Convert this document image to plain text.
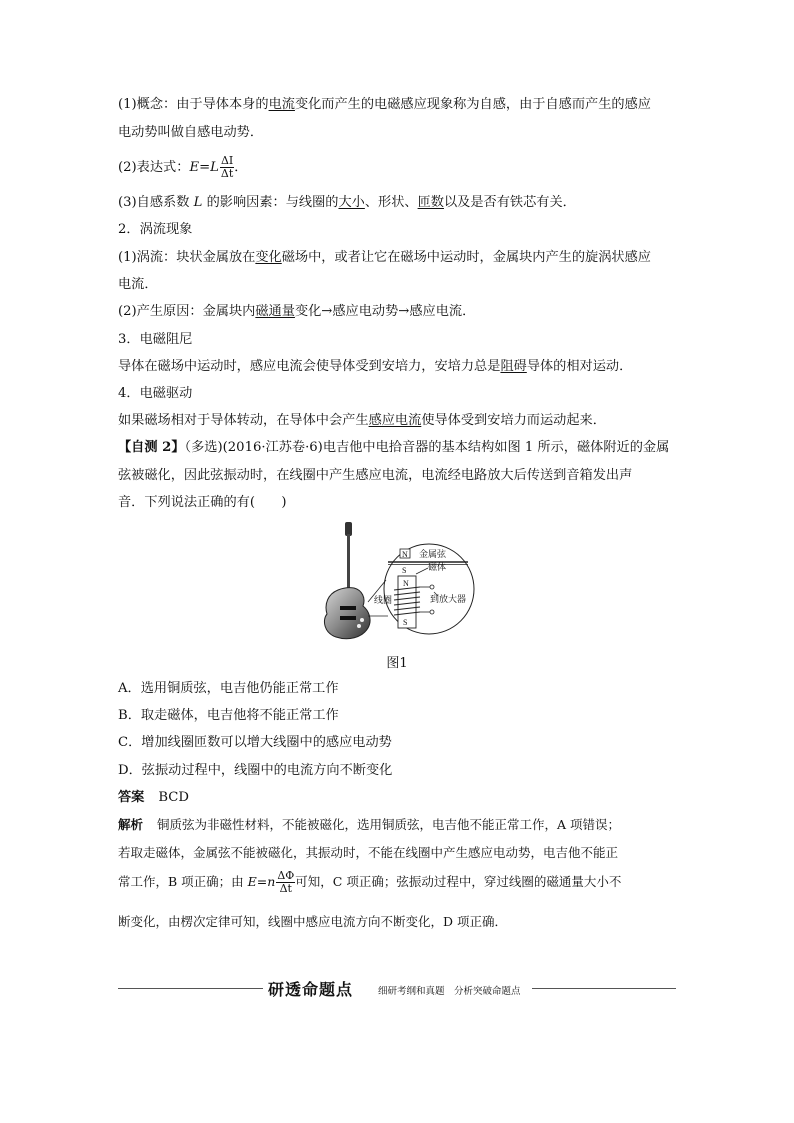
(1)概念：由于导体本身的电流变化而产生的电磁感应现象称为自感，由于自感而产生的感应
电动势叫做自感电动势．
(2)表达式：$E=L \frac{\Delta I}{\Delta t}$ ．
(3)自感系数 L 的影响因素：与线圈的大小、形状、匝数以及是否有铁芯有关．
2．涡流现象
(1)涡流：块状金属放在变化磁场中，或者让它在磁场中运动时，金属块内产生的旋涡状感应
电流．
(2)产生原因：金属块内磁通量变化→感应电动势→感应电流．
3．电磁阻尼
导体在磁场中运动时，感应电流会使导体受到安培力，安培力总是阻碍导体的相对运动．
4．电磁驱动
如果磁场相对于导体转动，在导体中会产生感应电流使导体受到安培力而运动起来．
【自测 2】（多选)(2016·江苏卷·6)电吉他中电拾音器的基本结构如图 1 所示，磁体附近的金属
弦被磁化，因此弦振动时，在线圈中产生感应电流，电流经电路放大后传送到音箱发出声
音．下列说法正确的有(　　)
N 金属弦
S
N
S
磁体
到放大器
线圈
图1
A．选用铜质弦，电吉他仍能正常工作
B．取走磁体，电吉他将不能正常工作
C．增加线圈匝数可以增大线圈中的感应电动势
D．弦振动过程中，线圈中的电流方向不断变化
答案 BCD
解析 铜质弦为非磁性材料，不能被磁化，选用铜质弦，电吉他不能正常工作，A 项错误；
若取走磁体，金属弦不能被磁化，其振动时，不能在线圈中产生感应电动势，电吉他不能正
常工作，B 项正确；由 $E=n \frac{\Delta\Phi}{\Delta t}$ 可知，C 项正确；弦振动过程中，穿过线圈的磁通量大小不
断变化，由楞次定律可知，线圈中感应电流方向不断变化，D 项正确．
研透命题点	细研考纲和真题　分析突破命题点
